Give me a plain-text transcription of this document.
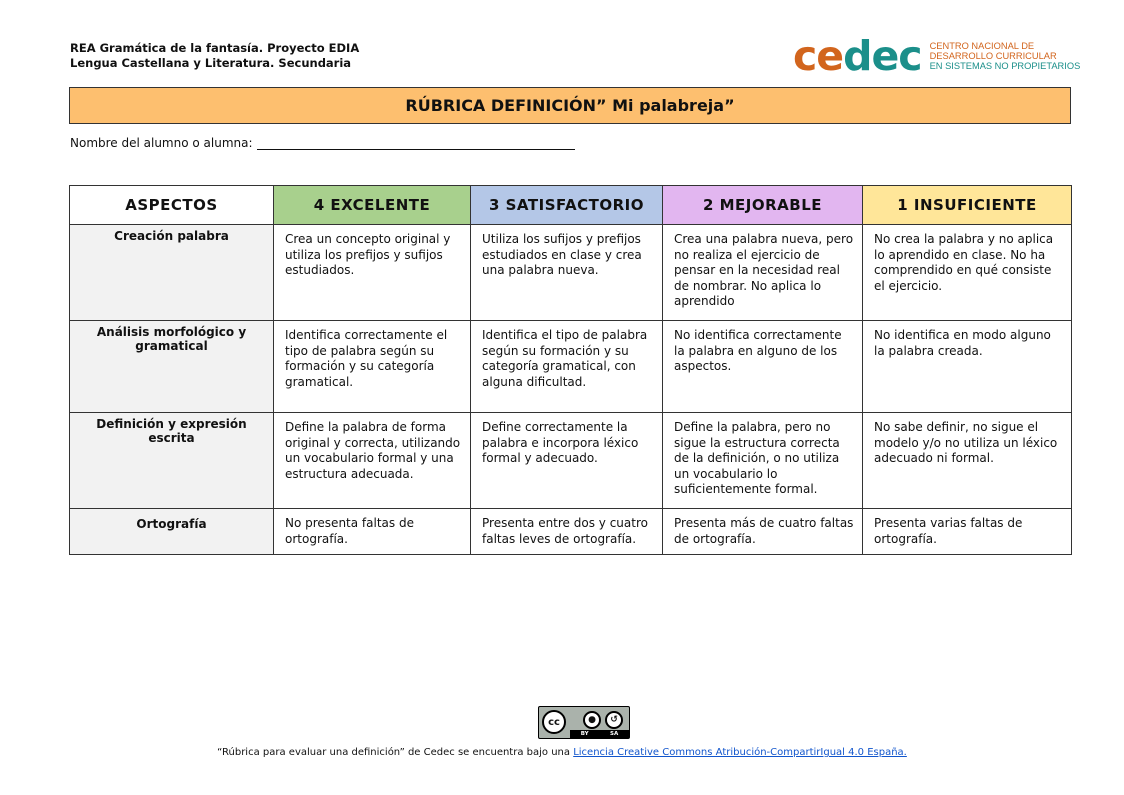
REA Gramática de la fantasía. Proyecto EDIA
Lengua Castellana y Literatura. Secundaria	cedec CENTRO NACIONAL DE
DESARROLLO CURRICULAR
EN SISTEMAS NO PROPIETARIOS
RÚBRICA DEFINICIÓN” Mi palabreja”
Nombre del alumno o alumna:
ASPECTOS	4 EXCELENTE	3 SATISFACTORIO	2 MEJORABLE	1 INSUFICIENTE
Creación palabra	Crea un concepto original y utiliza los prefijos y sufijos estudiados.	Utiliza los sufijos y prefijos estudiados en clase y crea una palabra nueva.	Crea una palabra nueva, pero no realiza el ejercicio de pensar en la necesidad real de nombrar. No aplica lo aprendido	No crea la palabra y no aplica lo aprendido en clase. No ha comprendido en qué consiste el ejercicio.
Análisis morfológico y gramatical	Identifica correctamente el tipo de palabra según su formación y su categoría gramatical.	Identifica el tipo de palabra según su formación y su categoría gramatical, con alguna dificultad.	No identifica correctamente la palabra en alguno de los aspectos.	No identifica en modo alguno la palabra creada.
Definición y expresión escrita	Define la palabra de forma original y correcta, utilizando un vocabulario formal y una estructura adecuada.	Define correctamente la palabra e incorpora léxico formal y adecuado.	Define la palabra, pero no sigue la estructura correcta de la definición, o no utiliza un vocabulario lo suficientemente formal.	No sabe definir, no sigue el modelo y/o no utiliza un léxico adecuado ni formal.
Ortografía	No presenta faltas de ortografía.	Presenta entre dos y cuatro faltas leves de ortografía.	Presenta más de cuatro faltas de ortografía.	Presenta varias faltas de ortografía.
cc	●	↺
BY	SA
“Rúbrica para evaluar una definición” de Cedec se encuentra bajo una Licencia Creative Commons Atribución-CompartirIgual 4.0 España.
